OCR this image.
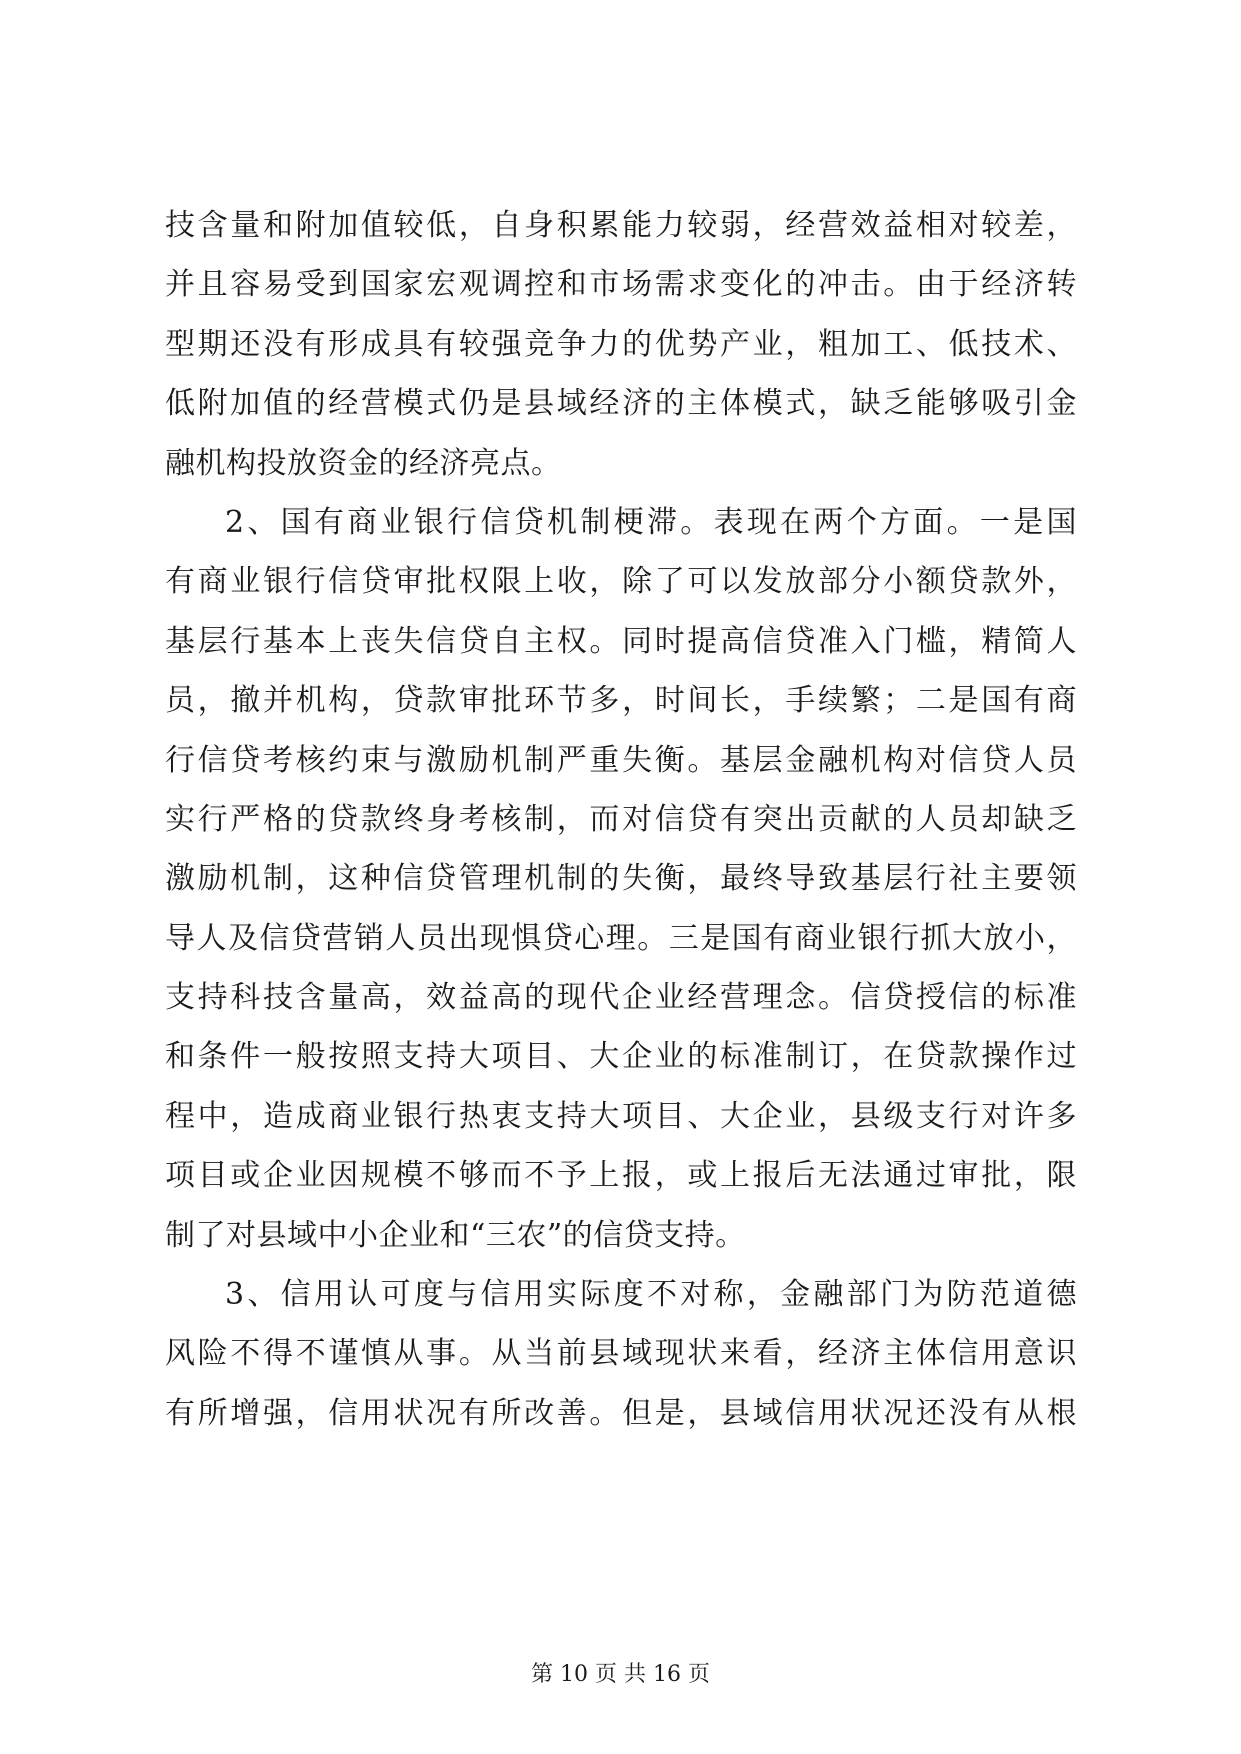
技含量和附加值较低，自身积累能力较弱，经营效益相对较差，
并且容易受到国家宏观调控和市场需求变化的冲击。由于经济转
型期还没有形成具有较强竞争力的优势产业，粗加工、低技术、
低附加值的经营模式仍是县域经济的主体模式，缺乏能够吸引金
融机构投放资金的经济亮点。
2、国有商业银行信贷机制梗滞。表现在两个方面。一是国
有商业银行信贷审批权限上收，除了可以发放部分小额贷款外，
基层行基本上丧失信贷自主权。同时提高信贷准入门槛，精简人
员，撤并机构，贷款审批环节多，时间长，手续繁；二是国有商
行信贷考核约束与激励机制严重失衡。基层金融机构对信贷人员
实行严格的贷款终身考核制，而对信贷有突出贡献的人员却缺乏
激励机制，这种信贷管理机制的失衡，最终导致基层行社主要领
导人及信贷营销人员出现惧贷心理。三是国有商业银行抓大放小，
支持科技含量高，效益高的现代企业经营理念。信贷授信的标准
和条件一般按照支持大项目、大企业的标准制订，在贷款操作过
程中，造成商业银行热衷支持大项目、大企业，县级支行对许多
项目或企业因规模不够而不予上报，或上报后无法通过审批，限
制了对县域中小企业和“三农”的信贷支持。
3、信用认可度与信用实际度不对称，金融部门为防范道德
风险不得不谨慎从事。从当前县域现状来看，经济主体信用意识
有所增强，信用状况有所改善。但是，县域信用状况还没有从根
第 10 页 共 16 页
